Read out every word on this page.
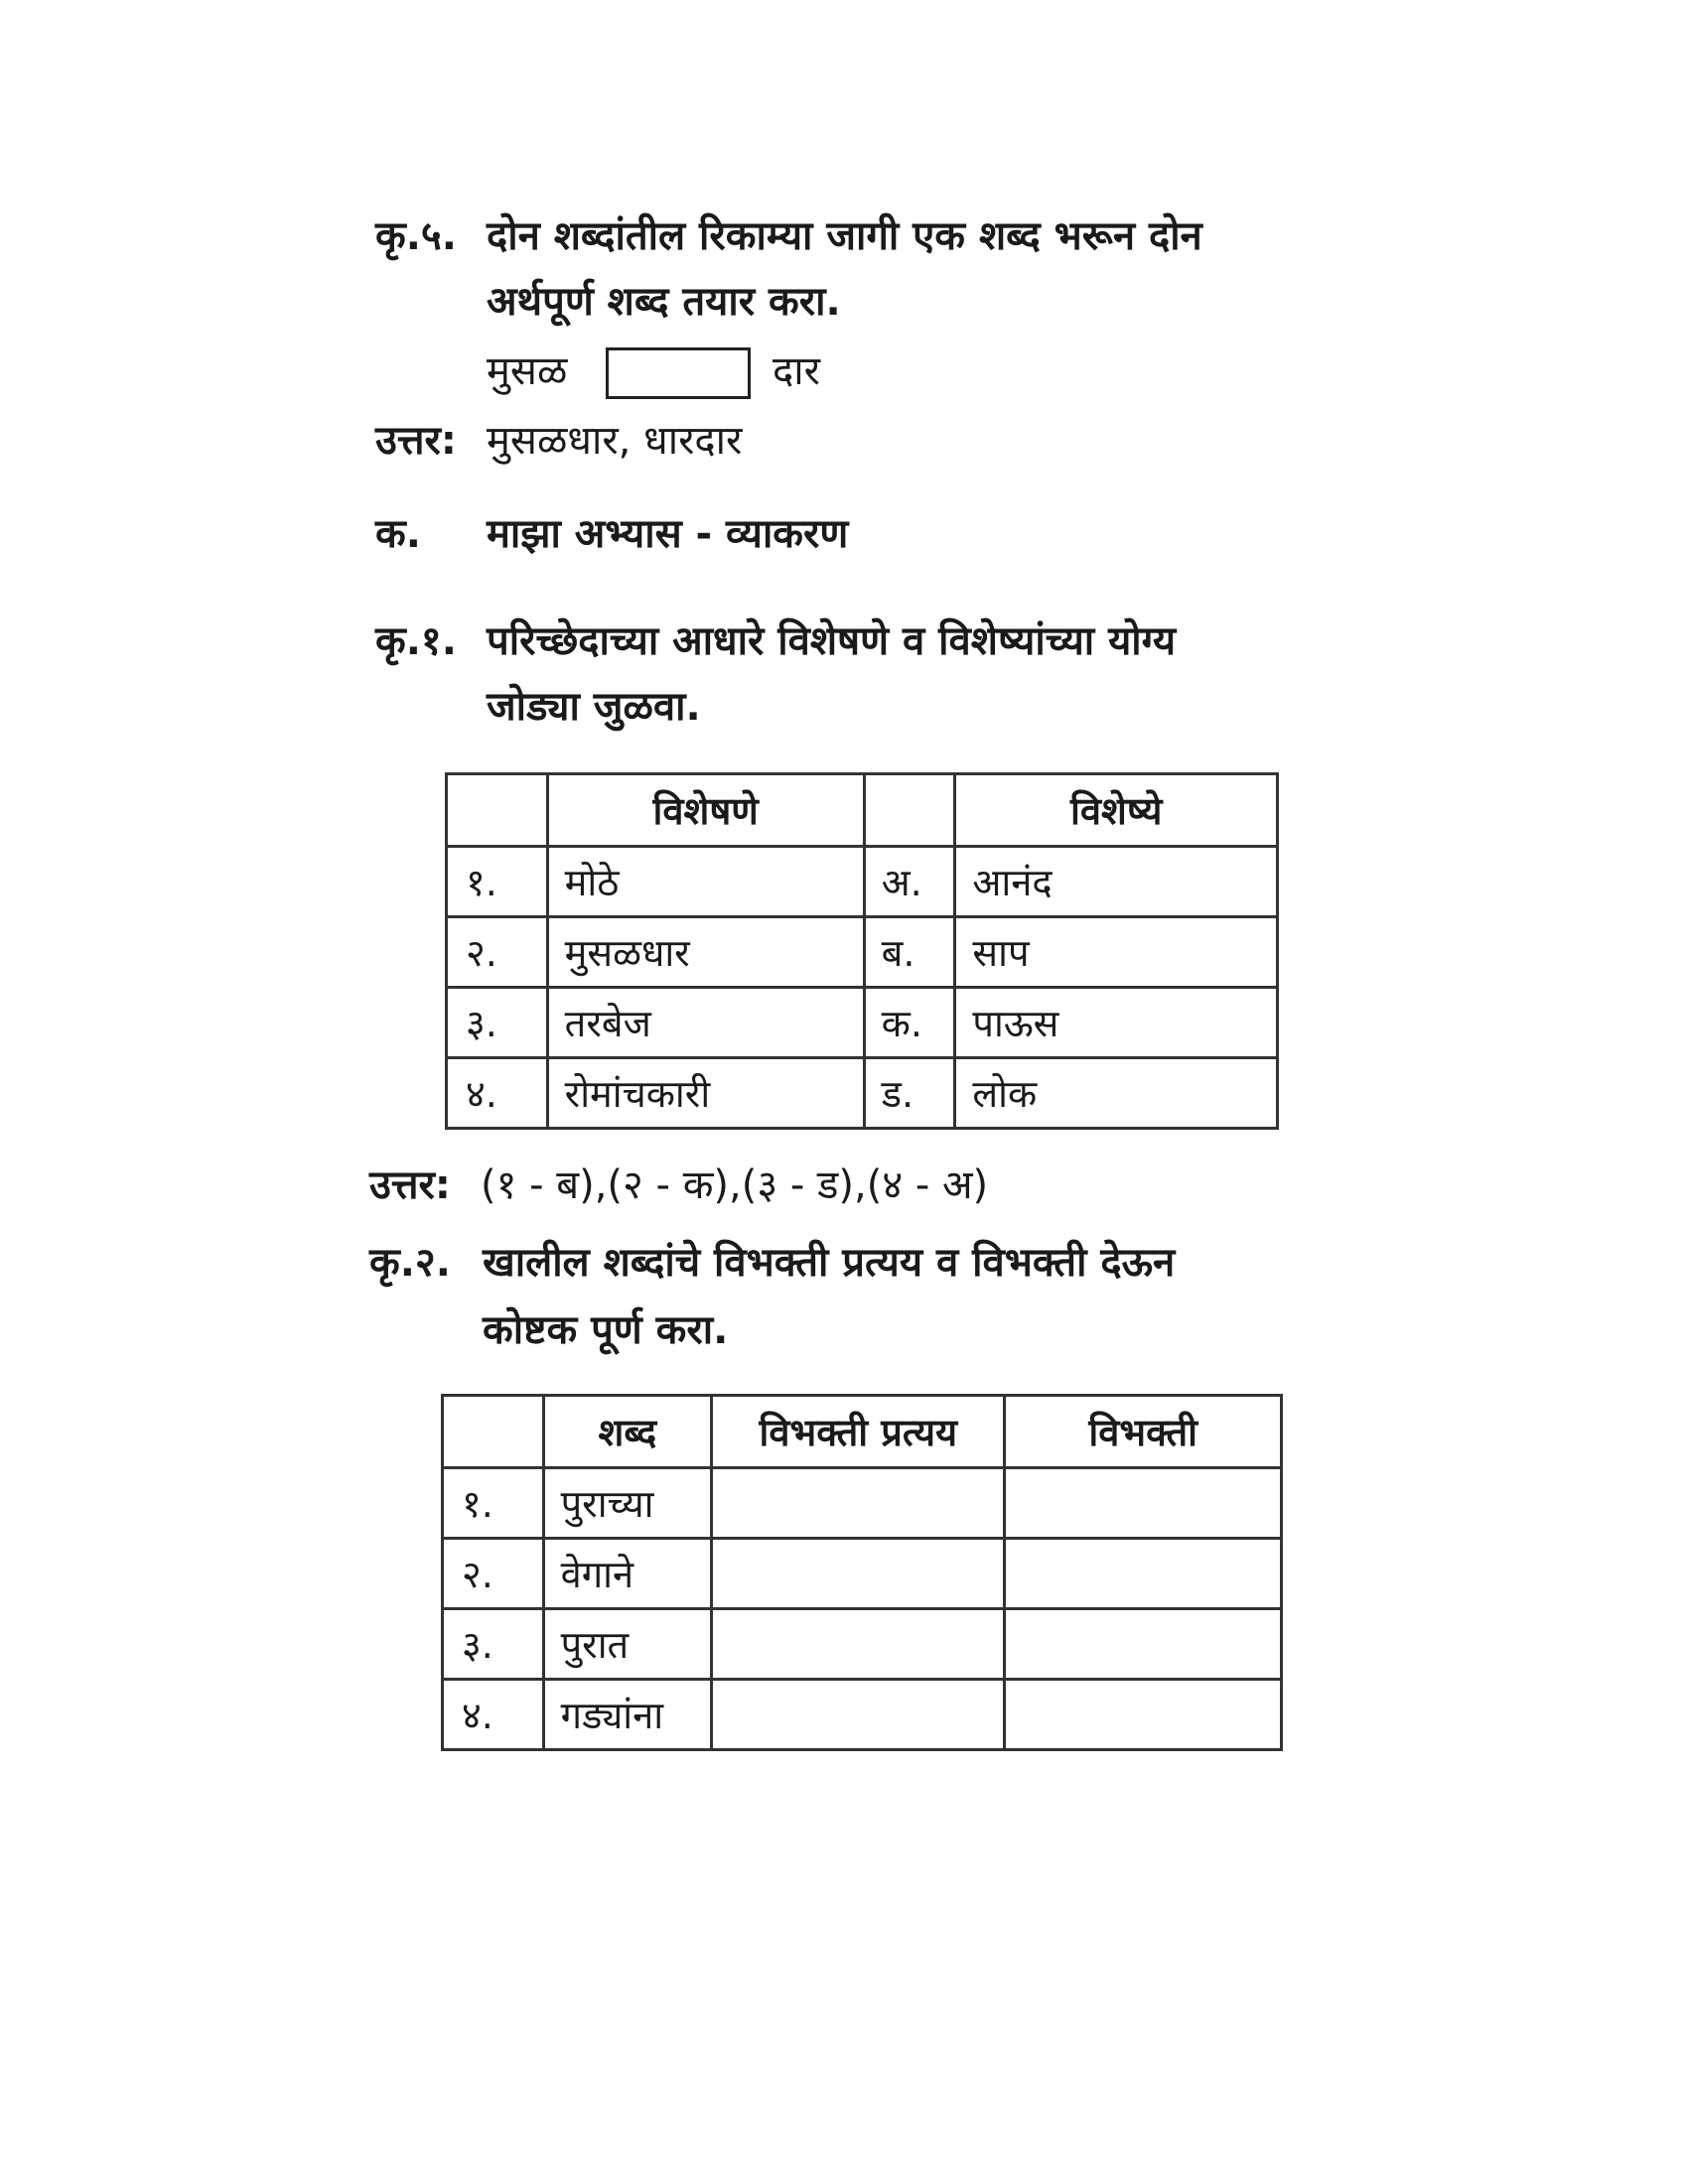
कृ.५. दोन शब्दांतील रिकाम्या जागी एक शब्द भरून दोन
अर्थपूर्ण शब्द तयार करा.
मुसळ	दार
उत्तर: मुसळधार, धारदार
क. माझा अभ्यास - व्याकरण
कृ.१. परिच्छेदाच्या आधारे विशेषणे व विशेष्यांच्या योग्य
जोड्या जुळवा.
	विशेषणे		विशेष्ये
१.	मोठे	अ.	आनंद
२.	मुसळधार	ब.	साप
३.	तरबेज	क.	पाऊस
४.	रोमांचकारी	ड.	लोक
उत्तर: (१ - ब),(२ - क),(३ - ड),(४ - अ)
कृ.२. खालील शब्दांचे विभक्ती प्रत्यय व विभक्ती देऊन
कोष्टक पूर्ण करा.
	शब्द	विभक्ती प्रत्यय	विभक्ती
१.	पुराच्या		
२.	वेगाने		
३.	पुरात		
४.	गड्यांना		
